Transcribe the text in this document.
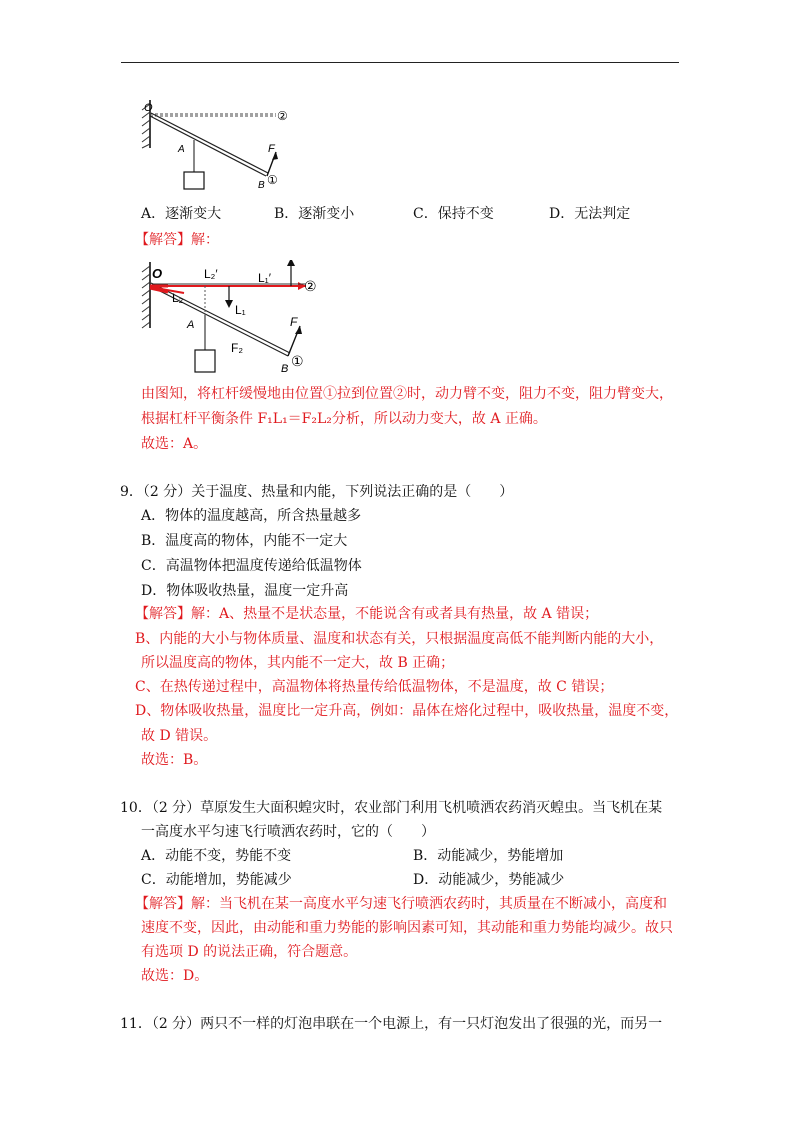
O
A	F
B ①
②
A．逐渐变大	B．逐渐变小	C．保持不变	D．无法判定
【解答】解：
O	L₂′	L₁′ ②
L₂
L₁
A	F
F₂
B ①
由图知，将杠杆缓慢地由位置①拉到位置②时，动力臂不变，阻力不变，阻力臂变大，
根据杠杆平衡条件 F₁L₁＝F₂L₂分析，所以动力变大，故 A 正确。
故选：A。
9．（2 分）关于温度、热量和内能，下列说法正确的是（　　）
A．物体的温度越高，所含热量越多
B．温度高的物体，内能不一定大
C．高温物体把温度传递给低温物体
D．物体吸收热量，温度一定升高
【解答】解：A、热量不是状态量，不能说含有或者具有热量，故 A 错误；
B、内能的大小与物体质量、温度和状态有关，只根据温度高低不能判断内能的大小，
所以温度高的物体，其内能不一定大，故 B 正确；
C、在热传递过程中，高温物体将热量传给低温物体，不是温度，故 C 错误；
D、物体吸收热量，温度比一定升高，例如：晶体在熔化过程中，吸收热量，温度不变，
故 D 错误。
故选：B。
10．（2 分）草原发生大面积蝗灾时，农业部门利用飞机喷洒农药消灭蝗虫。当飞机在某
一高度水平匀速飞行喷洒农药时，它的（　　）
A．动能不变，势能不变	B．动能减少，势能增加
C．动能增加，势能减少	D．动能减少，势能减少
【解答】解：当飞机在某一高度水平匀速飞行喷洒农药时，其质量在不断减小，高度和
速度不变，因此，由动能和重力势能的影响因素可知，其动能和重力势能均减少。故只
有选项 D 的说法正确，符合题意。
故选：D。
11．（2 分）两只不一样的灯泡串联在一个电源上，有一只灯泡发出了很强的光，而另一
